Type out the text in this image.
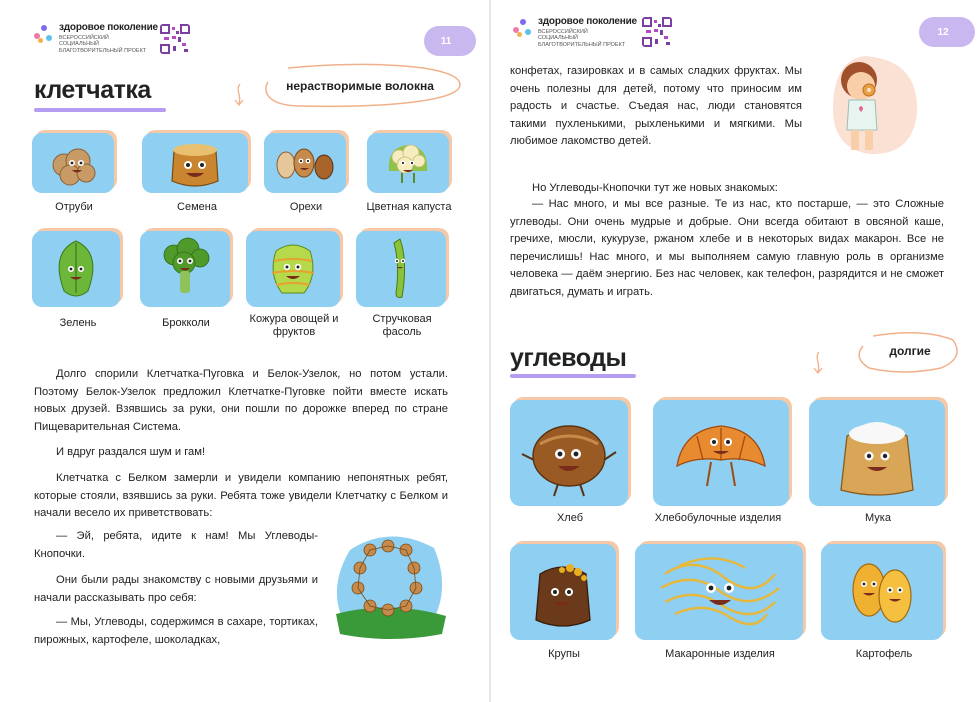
здоровое поколение
ВСЕРОССИЙСКИЙ СОЦИАЛЬНЫЙ БЛАГОТВОРИТЕЛЬНЫЙ ПРОЕКТ
11
клетчатка	нерастворимые волокна
Отруби	Семена	Орехи	Цветная капуста
Зелень	Брокколи	Кожура овощей и фруктов
Стручковая фасоль
Долго спорили Клетчатка-Пуговка и Белок-Узелок, но потом устали. Поэтому Белок-Узелок предложил Клетчатке-Пуговке пойти вместе искать новых друзей. Взявшись за руки, они пошли по дорожке вперед по стране Пищеварительная Система.
И вдруг раздался шум и гам!
Клетчатка с Белком замерли и увидели компанию непонятных ребят, которые стояли, взявшись за руки. Ребята тоже увидели Клетчатку с Белком и начали весело их приветствовать:
— Эй, ребята, идите к нам! Мы Углеводы-Кнопочки.
Они были рады знакомству с новыми друзьями и начали рассказывать про себя:
— Мы, Углеводы, содержимся в сахаре, тортиках, пирожных, картофеле, шоколадках,
здоровое поколение
ВСЕРОССИЙСКИЙ СОЦИАЛЬНЫЙ БЛАГОТВОРИТЕЛЬНЫЙ ПРОЕКТ
12
конфетах, газировках и в самых сладких фруктах. Мы очень полезны для детей, потому что приносим им радость и счастье. Съедая нас, люди становятся такими пухленькими, рыхленькими и мягкими. Мы любимое лакомство детей.
Но Углеводы-Кнопочки тут же новых знакомых:
— Нас много, и мы все разные. Те из нас, кто постарше, — это Сложные углеводы. Они очень мудрые и добрые. Они всегда обитают в овсяной каше, гречихе, мюсли, кукурузе, ржаном хлебе и в некоторых видах макарон. Все не перечислишь! Нас много, и мы выполняем самую главную роль в организме человека — даём энергию. Без нас человек, как телефон, разрядится и не сможет двигаться, думать и играть.
углеводы	долгие
Хлеб	Хлебобулочные изделия	Мука
Крупы	Макаронные изделия	Картофель
